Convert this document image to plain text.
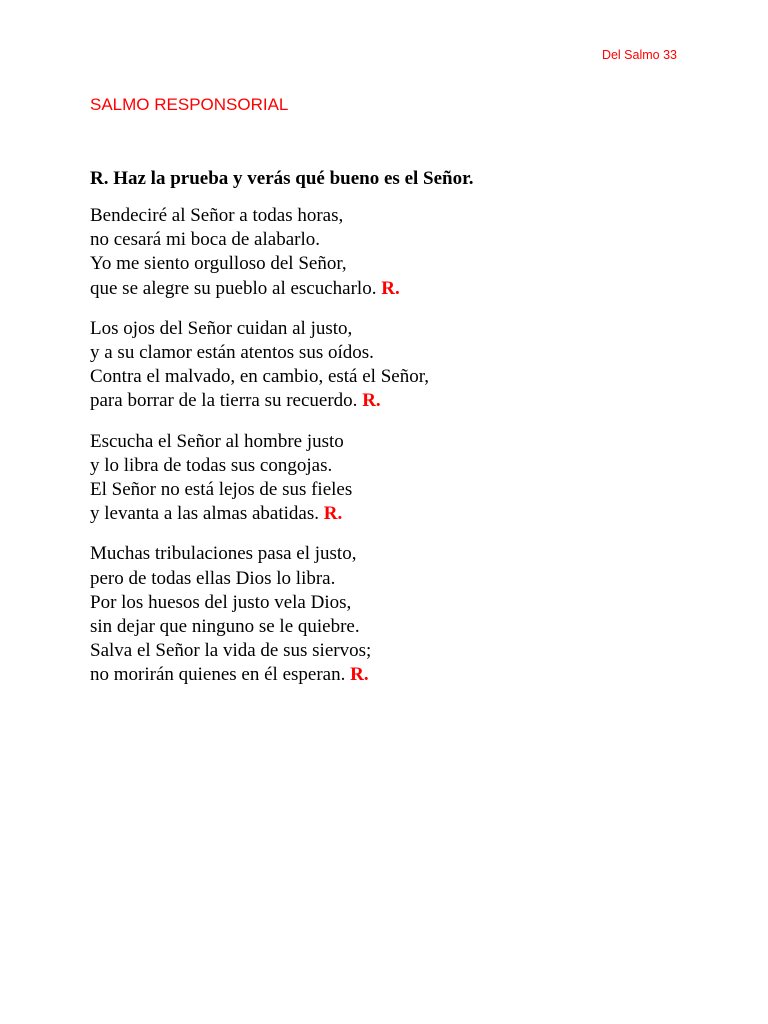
Del Salmo 33
SALMO RESPONSORIAL
R. Haz la prueba y verás qué bueno es el Señor.
Bendeciré al Señor a todas horas,
no cesará mi boca de alabarlo.
Yo me siento orgulloso del Señor,
que se alegre su pueblo al escucharlo. R.
Los ojos del Señor cuidan al justo,
y a su clamor están atentos sus oídos.
Contra el malvado, en cambio, está el Señor,
para borrar de la tierra su recuerdo. R.
Escucha el Señor al hombre justo
y lo libra de todas sus congojas.
El Señor no está lejos de sus fieles
y levanta a las almas abatidas. R.
Muchas tribulaciones pasa el justo,
pero de todas ellas Dios lo libra.
Por los huesos del justo vela Dios,
sin dejar que ninguno se le quiebre.
Salva el Señor la vida de sus siervos;
no morirán quienes en él esperan. R.
